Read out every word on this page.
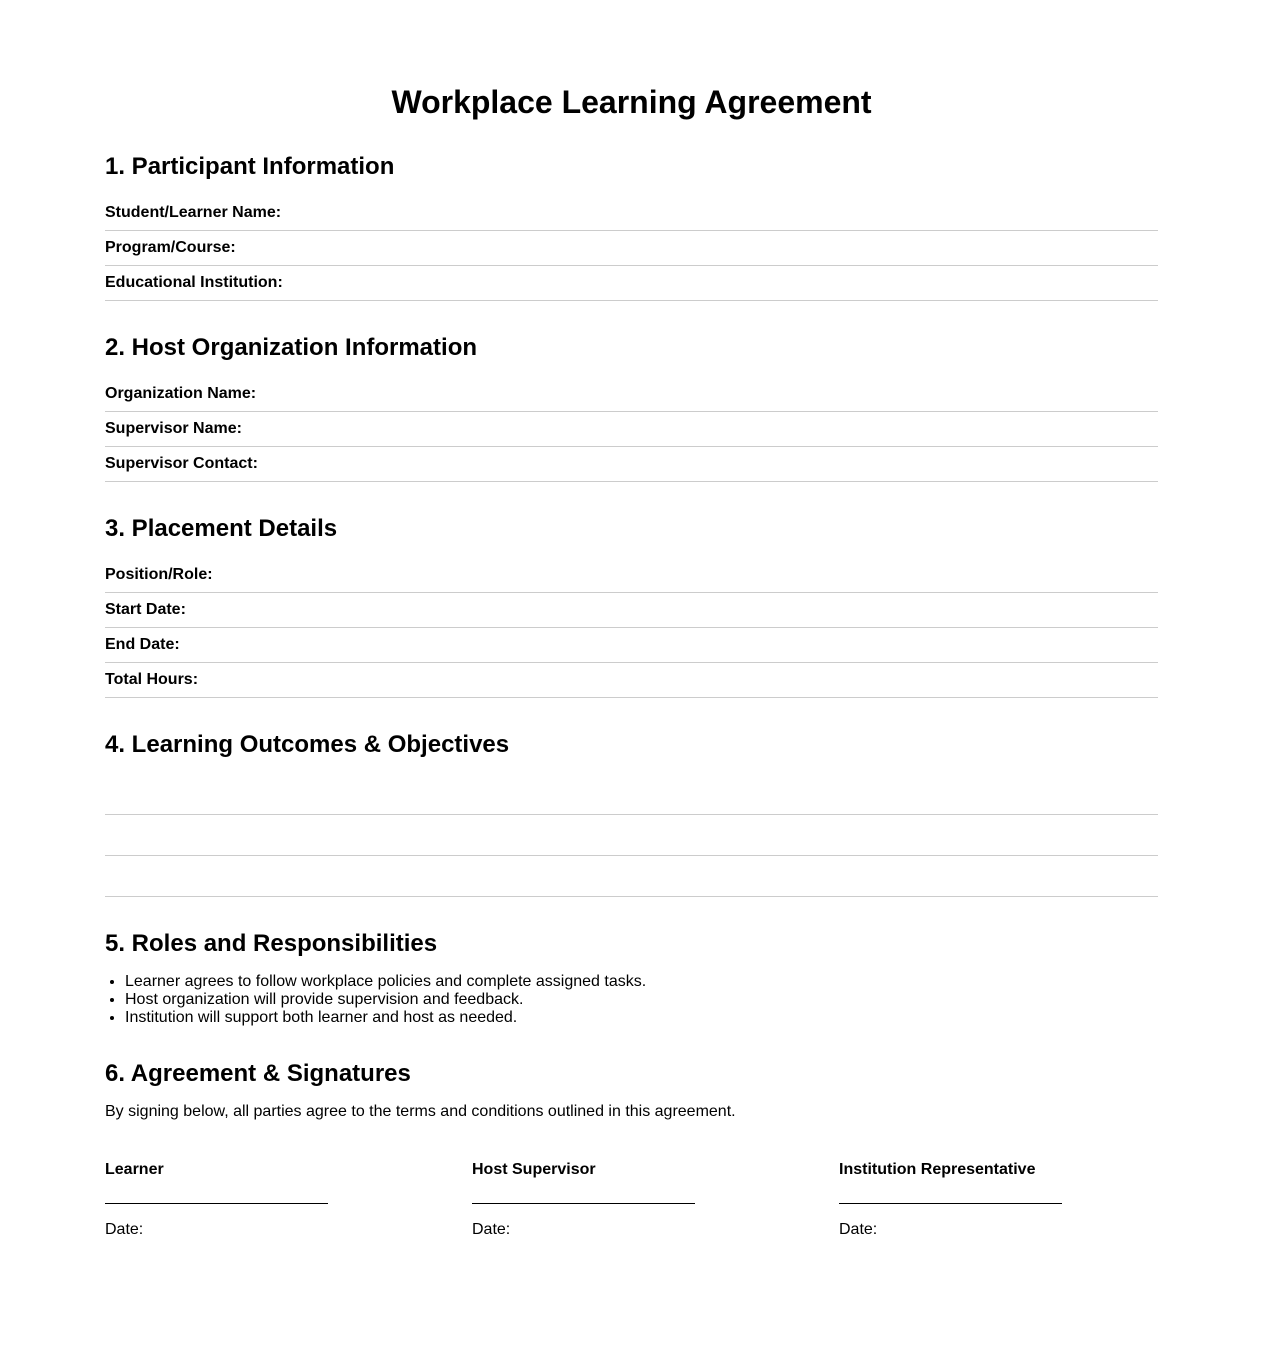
Workplace Learning Agreement
1. Participant Information
Student/Learner Name:
Program/Course:
Educational Institution:
2. Host Organization Information
Organization Name:
Supervisor Name:
Supervisor Contact:
3. Placement Details
Position/Role:
Start Date:
End Date:
Total Hours:
4. Learning Outcomes & Objectives
5. Roles and Responsibilities
• Learner agrees to follow workplace policies and complete assigned tasks.
• Host organization will provide supervision and feedback.
• Institution will support both learner and host as needed.
6. Agreement & Signatures

By signing below, all parties agree to the terms and conditions outlined in this agreement.

Learner
Date:
Host Supervisor
Date:
Institution Representative
Date:
